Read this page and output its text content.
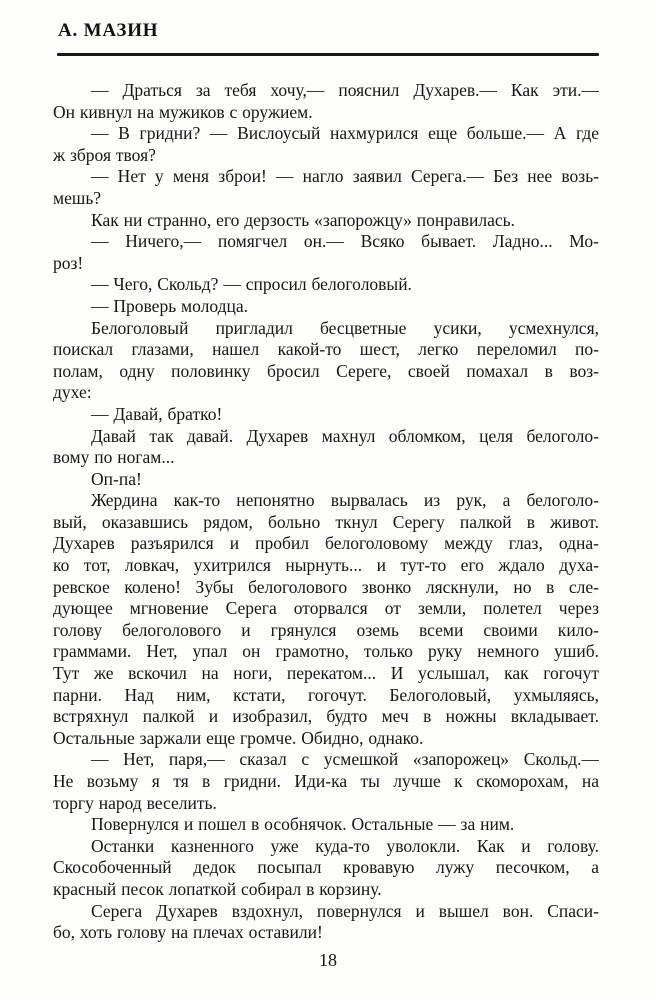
А. МАЗИН
— Драться за тебя хочу,— пояснил Духарев.— Как эти.—
Он кивнул на мужиков с оружием.
— В гридни? — Вислоусый нахмурился еще больше.— А где
ж зброя твоя?
— Нет у меня зброи! — нагло заявил Серега.— Без нее возь-
мешь?
Как ни странно, его дерзость «запорожцу» понравилась.
— Ничего,— помягчел он.— Всяко бывает. Ладно... Мо-
роз!
— Чего, Скольд? — спросил белоголовый.
— Проверь молодца.
Белоголовый пригладил бесцветные усики, усмехнулся,
поискал глазами, нашел какой-то шест, легко переломил по-
полам, одну половинку бросил Сереге, своей помахал в воз-
духе:
— Давай, братко!
Давай так давай. Духарев махнул обломком, целя белоголо-
вому по ногам...
Оп-па!
Жердина как-то непонятно вырвалась из рук, а белоголо-
вый, оказавшись рядом, больно ткнул Серегу палкой в живот.
Духарев разъярился и пробил белоголовому между глаз, одна-
ко тот, ловкач, ухитрился нырнуть... и тут-то его ждало духа-
ревское колено! Зубы белоголового звонко ляскнули, но в сле-
дующее мгновение Серега оторвался от земли, полетел через
голову белоголового и грянулся оземь всеми своими кило-
граммами. Нет, упал он грамотно, только руку немного ушиб.
Тут же вскочил на ноги, перекатом... И услышал, как гогочут
парни. Над ним, кстати, гогочут. Белоголовый, ухмыляясь,
встряхнул палкой и изобразил, будто меч в ножны вкладывает.
Остальные заржали еще громче. Обидно, однако.
— Нет, паря,— сказал с усмешкой «запорожец» Скольд.—
Не возьму я тя в гридни. Иди-ка ты лучше к скоморохам, на
торгу народ веселить.
Повернулся и пошел в особнячок. Остальные — за ним.
Останки казненного уже куда-то уволокли. Как и голову.
Скособоченный дедок посыпал кровавую лужу песочком, а
красный песок лопаткой собирал в корзину.
Серега Духарев вздохнул, повернулся и вышел вон. Спаси-
бо, хоть голову на плечах оставили!
18
